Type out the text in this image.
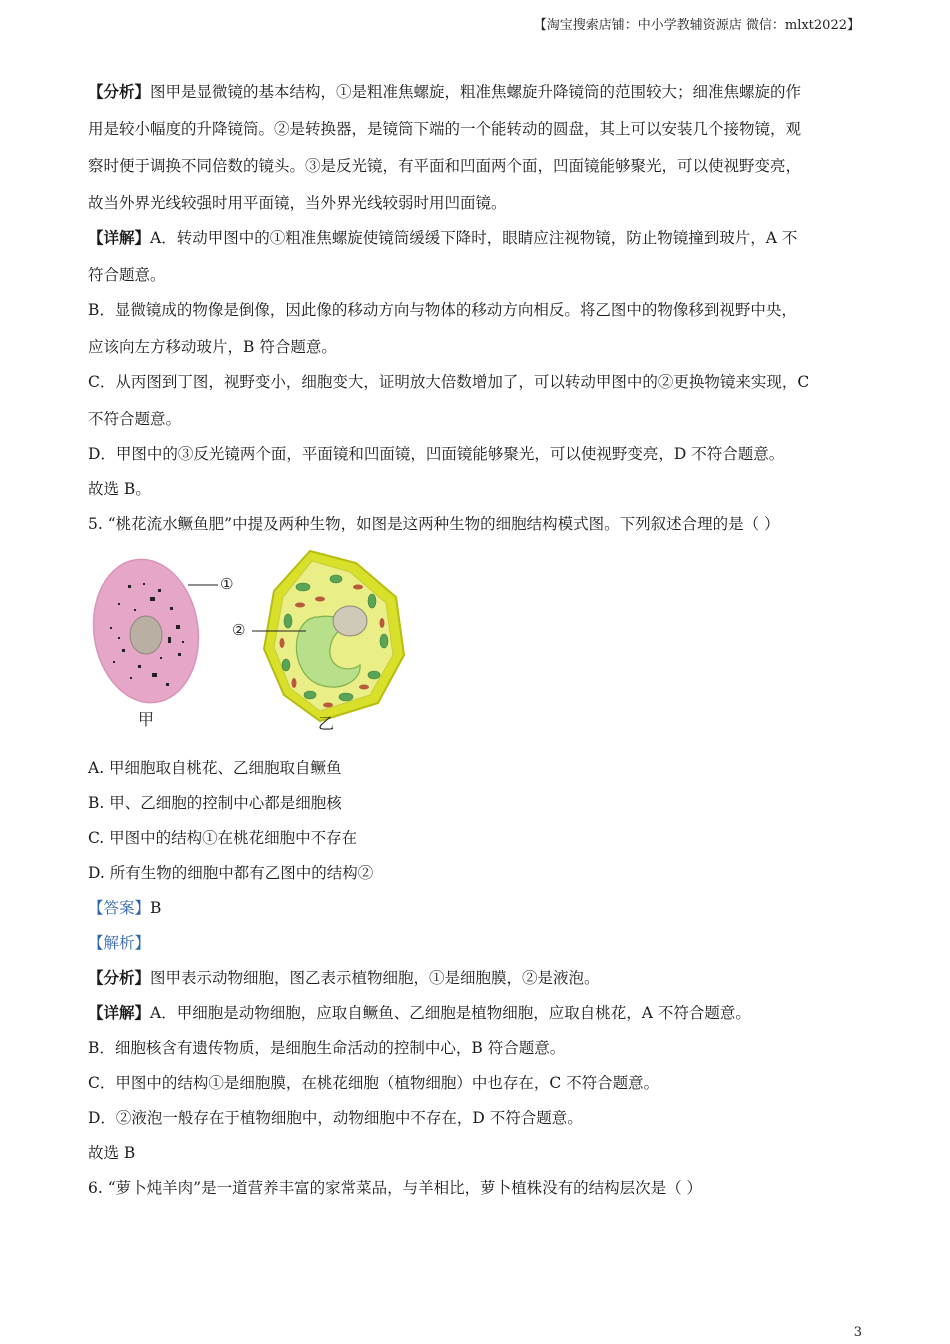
【淘宝搜索店铺：中小学教辅资源店 微信：mlxt2022】
【分析】图甲是显微镜的基本结构，①是粗准焦螺旋，粗准焦螺旋升降镜筒的范围较大；细准焦螺旋的作
用是较小幅度的升降镜筒。②是转换器，是镜筒下端的一个能转动的圆盘，其上可以安装几个接物镜，观
察时便于调换不同倍数的镜头。③是反光镜，有平面和凹面两个面，凹面镜能够聚光，可以使视野变亮，
故当外界光线较强时用平面镜，当外界光线较弱时用凹面镜。
【详解】A．转动甲图中的①粗准焦螺旋使镜筒缓缓下降时，眼睛应注视物镜，防止物镜撞到玻片，A 不
符合题意。
B．显微镜成的物像是倒像，因此像的移动方向与物体的移动方向相反。将乙图中的物像移到视野中央，
应该向左方移动玻片，B 符合题意。
C．从丙图到丁图，视野变小，细胞变大，证明放大倍数增加了，可以转动甲图中的②更换物镜来实现，C
不符合题意。
D．甲图中的③反光镜两个面，平面镜和凹面镜，凹面镜能够聚光，可以使视野变亮，D 不符合题意。
故选 B。
5. “桃花流水鳜鱼肥”中提及两种生物，如图是这两种生物的细胞结构模式图。下列叙述合理的是（ ）
①
②
甲	乙
A. 甲细胞取自桃花、乙细胞取自鳜鱼
B. 甲、乙细胞的控制中心都是细胞核
C. 甲图中的结构①在桃花细胞中不存在
D. 所有生物的细胞中都有乙图中的结构②
【答案】B
【解析】
【分析】图甲表示动物细胞，图乙表示植物细胞，①是细胞膜，②是液泡。
【详解】A．甲细胞是动物细胞，应取自鳜鱼、乙细胞是植物细胞，应取自桃花，A 不符合题意。
B．细胞核含有遗传物质，是细胞生命活动的控制中心，B 符合题意。
C．甲图中的结构①是细胞膜，在桃花细胞（植物细胞）中也存在，C 不符合题意。
D．②液泡一般存在于植物细胞中，动物细胞中不存在，D 不符合题意。
故选 B
6. “萝卜炖羊肉”是一道营养丰富的家常菜品，与羊相比，萝卜植株没有的结构层次是（ ）
3
